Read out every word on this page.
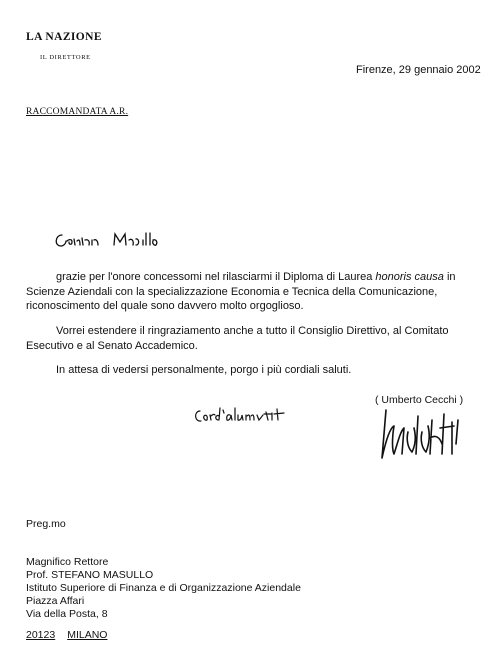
LA NAZIONE
IL DIRETTORE
Firenze, 29 gennaio 2002
RACCOMANDATA A.R.
grazie per l'onore concessomi nel rilasciarmi il Diploma di Laurea honoris causa in Scienze Aziendali con la specializzazione Economia e Tecnica della Comunicazione, riconoscimento del quale sono davvero molto orgoglioso.
Vorrei estendere il ringraziamento anche a tutto il Consiglio Direttivo, al Comitato Esecutivo e al Senato Accademico.
In attesa di vedersi personalmente, porgo i più cordiali saluti.
( Umberto Cecchi )
Preg.mo
Magnifico Rettore
Prof. STEFANO MASULLO
Istituto Superiore di Finanza e di Organizzazione Aziendale
Piazza Affari
Via della Posta, 8
20123 MILANO
